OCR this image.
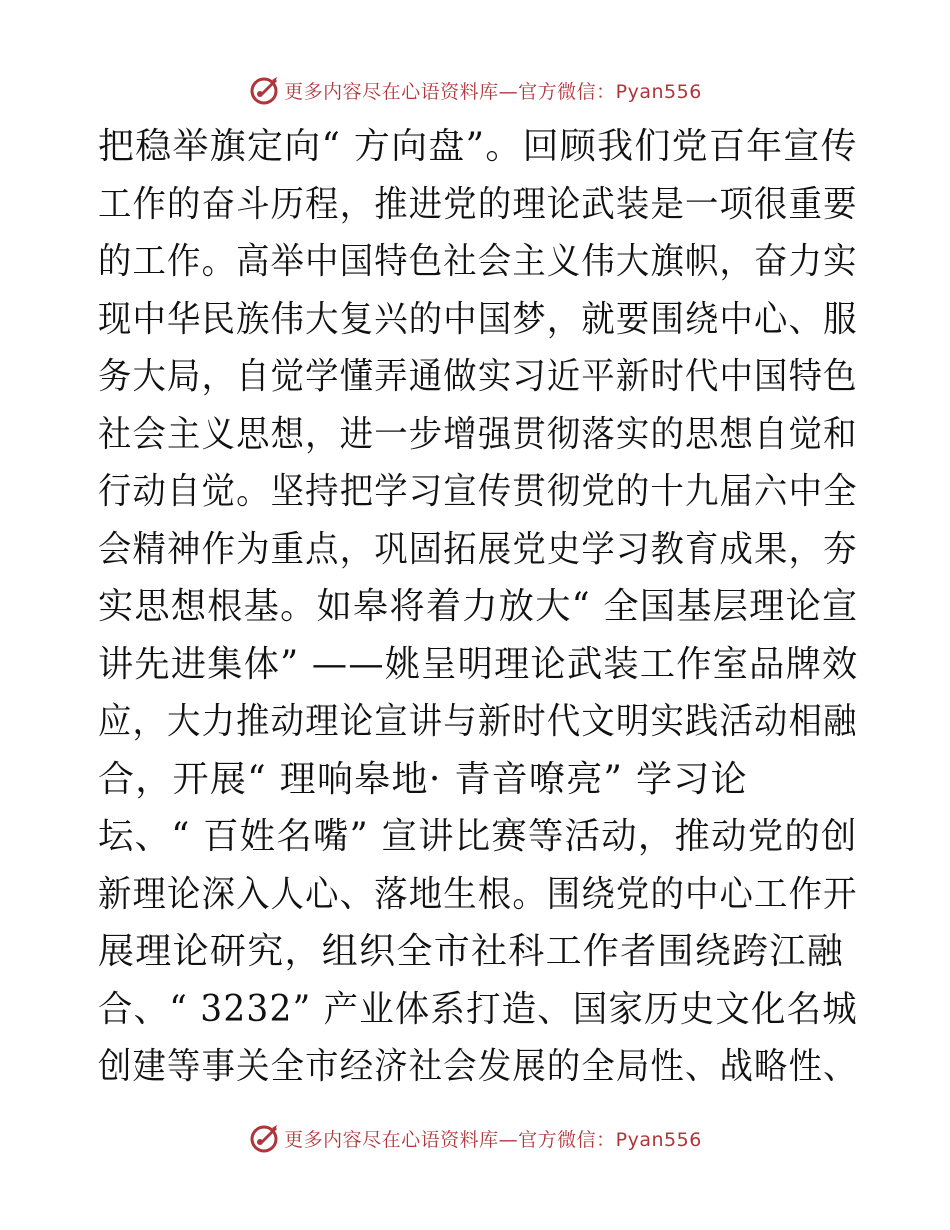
更多内容尽在心语资料库—官方微信：Pyan556
把稳举旗定向“ 方向盘”。回顾我们党百年宣传
工作的奋斗历程，推进党的理论武装是一项很重要
的工作。高举中国特色社会主义伟大旗帜，奋力实
现中华民族伟大复兴的中国梦，就要围绕中心、服
务大局，自觉学懂弄通做实习近平新时代中国特色
社会主义思想，进一步增强贯彻落实的思想自觉和
行动自觉。坚持把学习宣传贯彻党的十九届六中全
会精神作为重点，巩固拓展党史学习教育成果，夯
实思想根基。如皋将着力放大“ 全国基层理论宣
讲先进集体” ——姚呈明理论武装工作室品牌效
应，大力推动理论宣讲与新时代文明实践活动相融
合，开展“ 理响皋地· 青音嘹亮” 学习论
坛、“ 百姓名嘴” 宣讲比赛等活动，推动党的创
新理论深入人心、落地生根。围绕党的中心工作开
展理论研究，组织全市社科工作者围绕跨江融
合、“ 3232” 产业体系打造、国家历史文化名城
创建等事关全市经济社会发展的全局性、战略性、
更多内容尽在心语资料库—官方微信：Pyan556
